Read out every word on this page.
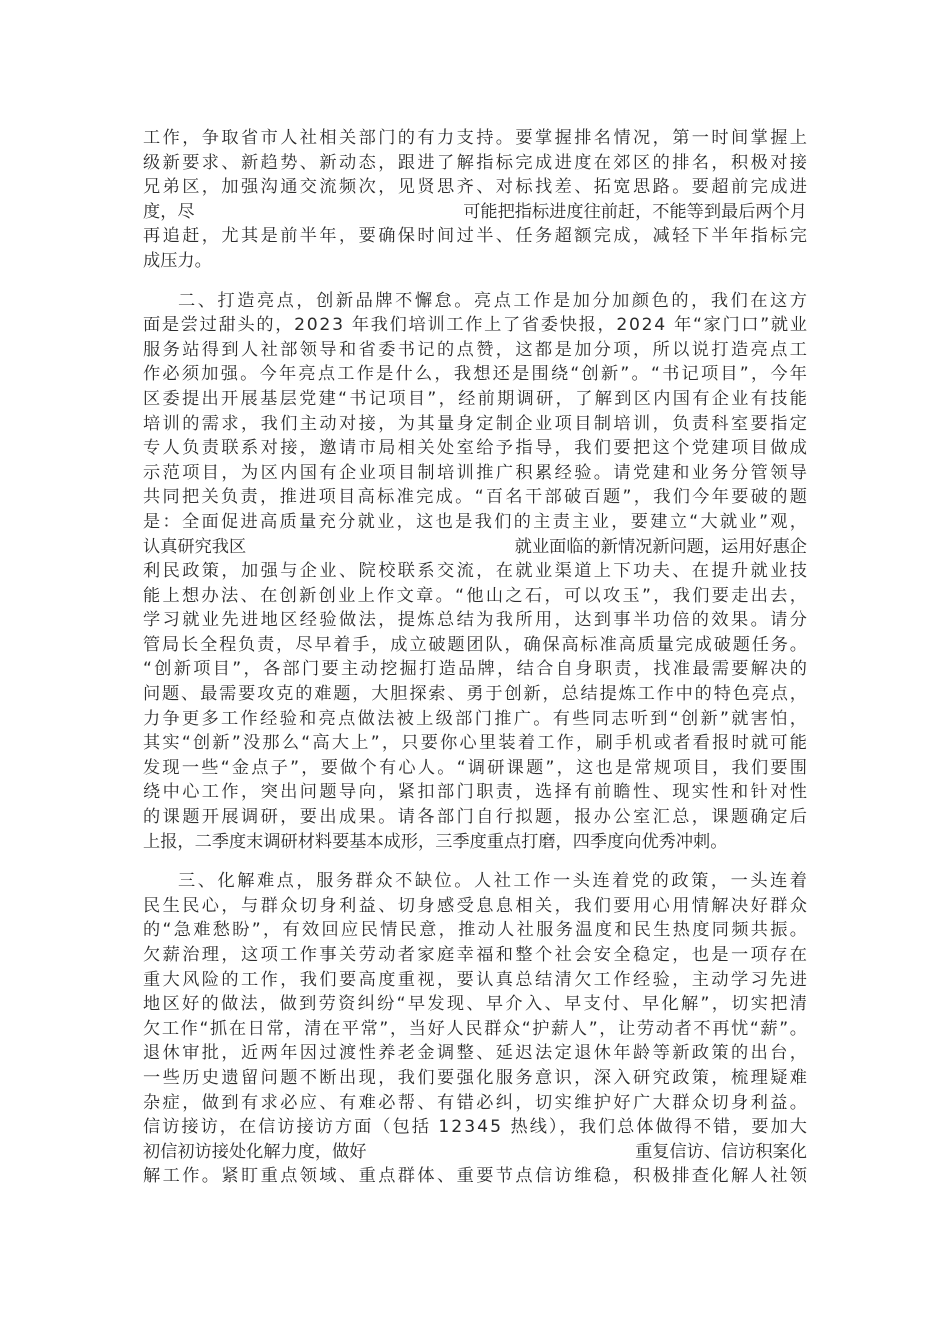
工作，争取省市人社相关部门的有力支持。要掌握排名情况，第一时间掌握上
级新要求、新趋势、新动态，跟进了解指标完成进度在郊区的排名，积极对接
兄弟区，加强沟通交流频次，见贤思齐、对标找差、拓宽思路。要超前完成进
度，尽	可能把指标进度往前赶，不能等到最后两个月
再追赶，尤其是前半年，要确保时间过半、任务超额完成，减轻下半年指标完
成压力。
二、打造亮点，创新品牌不懈怠。亮点工作是加分加颜色的，我们在这方
面是尝过甜头的，2023 年我们培训工作上了省委快报，2024 年“家门口”就业
服务站得到人社部领导和省委书记的点赞，这都是加分项，所以说打造亮点工
作必须加强。今年亮点工作是什么，我想还是围绕“创新”。“书记项目”，今年
区委提出开展基层党建“书记项目”，经前期调研，了解到区内国有企业有技能
培训的需求，我们主动对接，为其量身定制企业项目制培训，负责科室要指定
专人负责联系对接，邀请市局相关处室给予指导，我们要把这个党建项目做成
示范项目，为区内国有企业项目制培训推广积累经验。请党建和业务分管领导
共同把关负责，推进项目高标准完成。“百名干部破百题”，我们今年要破的题
是：全面促进高质量充分就业，这也是我们的主责主业，要建立“大就业”观，
认真研究我区	就业面临的新情况新问题，运用好惠企
利民政策，加强与企业、院校联系交流，在就业渠道上下功夫、在提升就业技
能上想办法、在创新创业上作文章。“他山之石，可以攻玉”，我们要走出去，
学习就业先进地区经验做法，提炼总结为我所用，达到事半功倍的效果。请分
管局长全程负责，尽早着手，成立破题团队，确保高标准高质量完成破题任务。
“创新项目”，各部门要主动挖掘打造品牌，结合自身职责，找准最需要解决的
问题、最需要攻克的难题，大胆探索、勇于创新，总结提炼工作中的特色亮点，
力争更多工作经验和亮点做法被上级部门推广。有些同志听到“创新”就害怕，
其实“创新”没那么“高大上”，只要你心里装着工作，刷手机或者看报时就可能
发现一些“金点子”，要做个有心人。“调研课题”，这也是常规项目，我们要围
绕中心工作，突出问题导向，紧扣部门职责，选择有前瞻性、现实性和针对性
的课题开展调研，要出成果。请各部门自行拟题，报办公室汇总，课题确定后
上报，二季度末调研材料要基本成形，三季度重点打磨，四季度向优秀冲刺。
三、化解难点，服务群众不缺位。人社工作一头连着党的政策，一头连着
民生民心，与群众切身利益、切身感受息息相关，我们要用心用情解决好群众
的“急难愁盼”，有效回应民情民意，推动人社服务温度和民生热度同频共振。
欠薪治理，这项工作事关劳动者家庭幸福和整个社会安全稳定，也是一项存在
重大风险的工作，我们要高度重视，要认真总结清欠工作经验，主动学习先进
地区好的做法，做到劳资纠纷“早发现、早介入、早支付、早化解”，切实把清
欠工作“抓在日常，清在平常”，当好人民群众“护薪人”，让劳动者不再忧“薪”。
退休审批，近两年因过渡性养老金调整、延迟法定退休年龄等新政策的出台，
一些历史遗留问题不断出现，我们要强化服务意识，深入研究政策，梳理疑难
杂症，做到有求必应、有难必帮、有错必纠，切实维护好广大群众切身利益。
信访接访，在信访接访方面（包括 12345 热线），我们总体做得不错，要加大
初信初访接处化解力度，做好	重复信访、信访积案化
解工作。紧盯重点领域、重点群体、重要节点信访维稳，积极排查化解人社领
